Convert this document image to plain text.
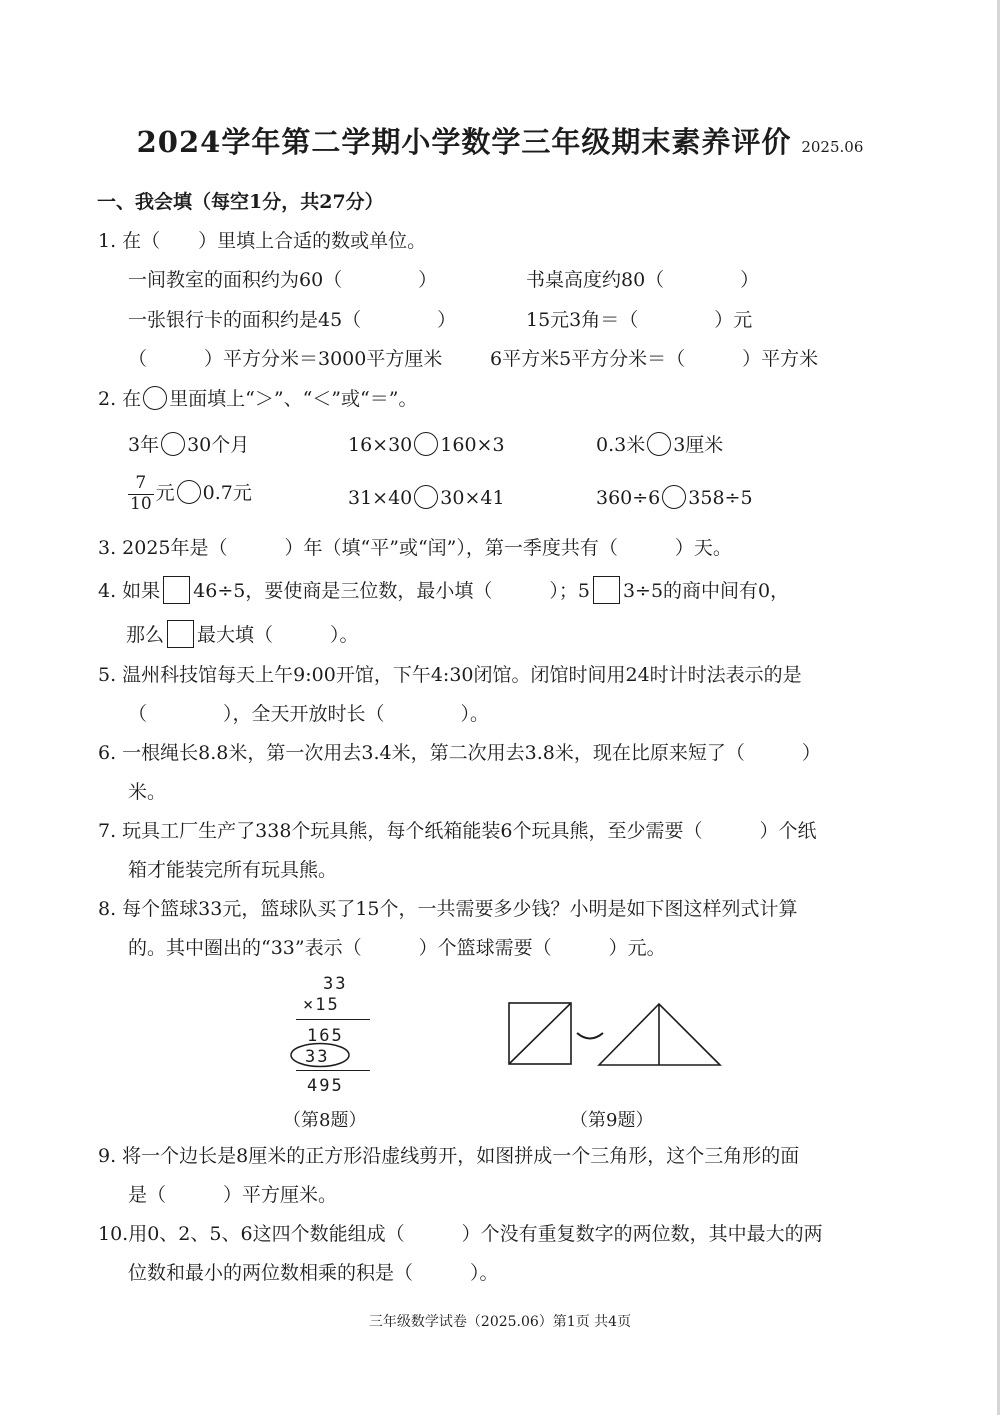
2024学年第二学期小学数学三年级期末素养评价 2025.06
一、我会填（每空1分，共27分）
1. 在（　　）里填上合适的数或单位。
一间教室的面积约为60（　　　　）	书桌高度约80（　　　　）
一张银行卡的面积约是45（　　　　）	15元3角＝（　　　　）元
（　　　）平方分米＝3000平方厘米	6平方米5平方分米＝（　　　）平方米
2. 在 里面填上“＞”、“＜”或“＝”。
3年 30个月	16×30 160×3	0.3米 3厘米
$\frac{7}{10}$ 元 0.7元	31×40 30×41	360÷6 358÷5
3. 2025年是（　　　）年（填“平”或“闰”），第一季度共有（　　　）天。
4. 如果 46÷5，要使商是三位数，最小填（　　　）；5 3÷5的商中间有0，
那么 最大填（　　　）。
5. 温州科技馆每天上午9:00开馆，下午4:30闭馆。闭馆时间用24时计时法表示的是
（　　　　），全天开放时长（　　　　）。
6. 一根绳长8.8米，第一次用去3.4米，第二次用去3.8米，现在比原来短了（　　　）
米。
7. 玩具工厂生产了338个玩具熊，每个纸箱能装6个玩具熊，至少需要（　　　）个纸
箱才能装完所有玩具熊。
8. 每个篮球33元，篮球队买了15个，一共需要多少钱？小明是如下图这样列式计算
的。其中圈出的“33”表示（　　　）个篮球需要（　　　）元。
33
×15
165
33
495
（第8题）	（第9题）
9. 将一个边长是8厘米的正方形沿虚线剪开，如图拼成一个三角形，这个三角形的面
是（　　　）平方厘米。
10.用0、2、5、6这四个数能组成（　　　）个没有重复数字的两位数，其中最大的两
位数和最小的两位数相乘的积是（　　　）。
三年级数学试卷（2025.06）第1页 共4页
